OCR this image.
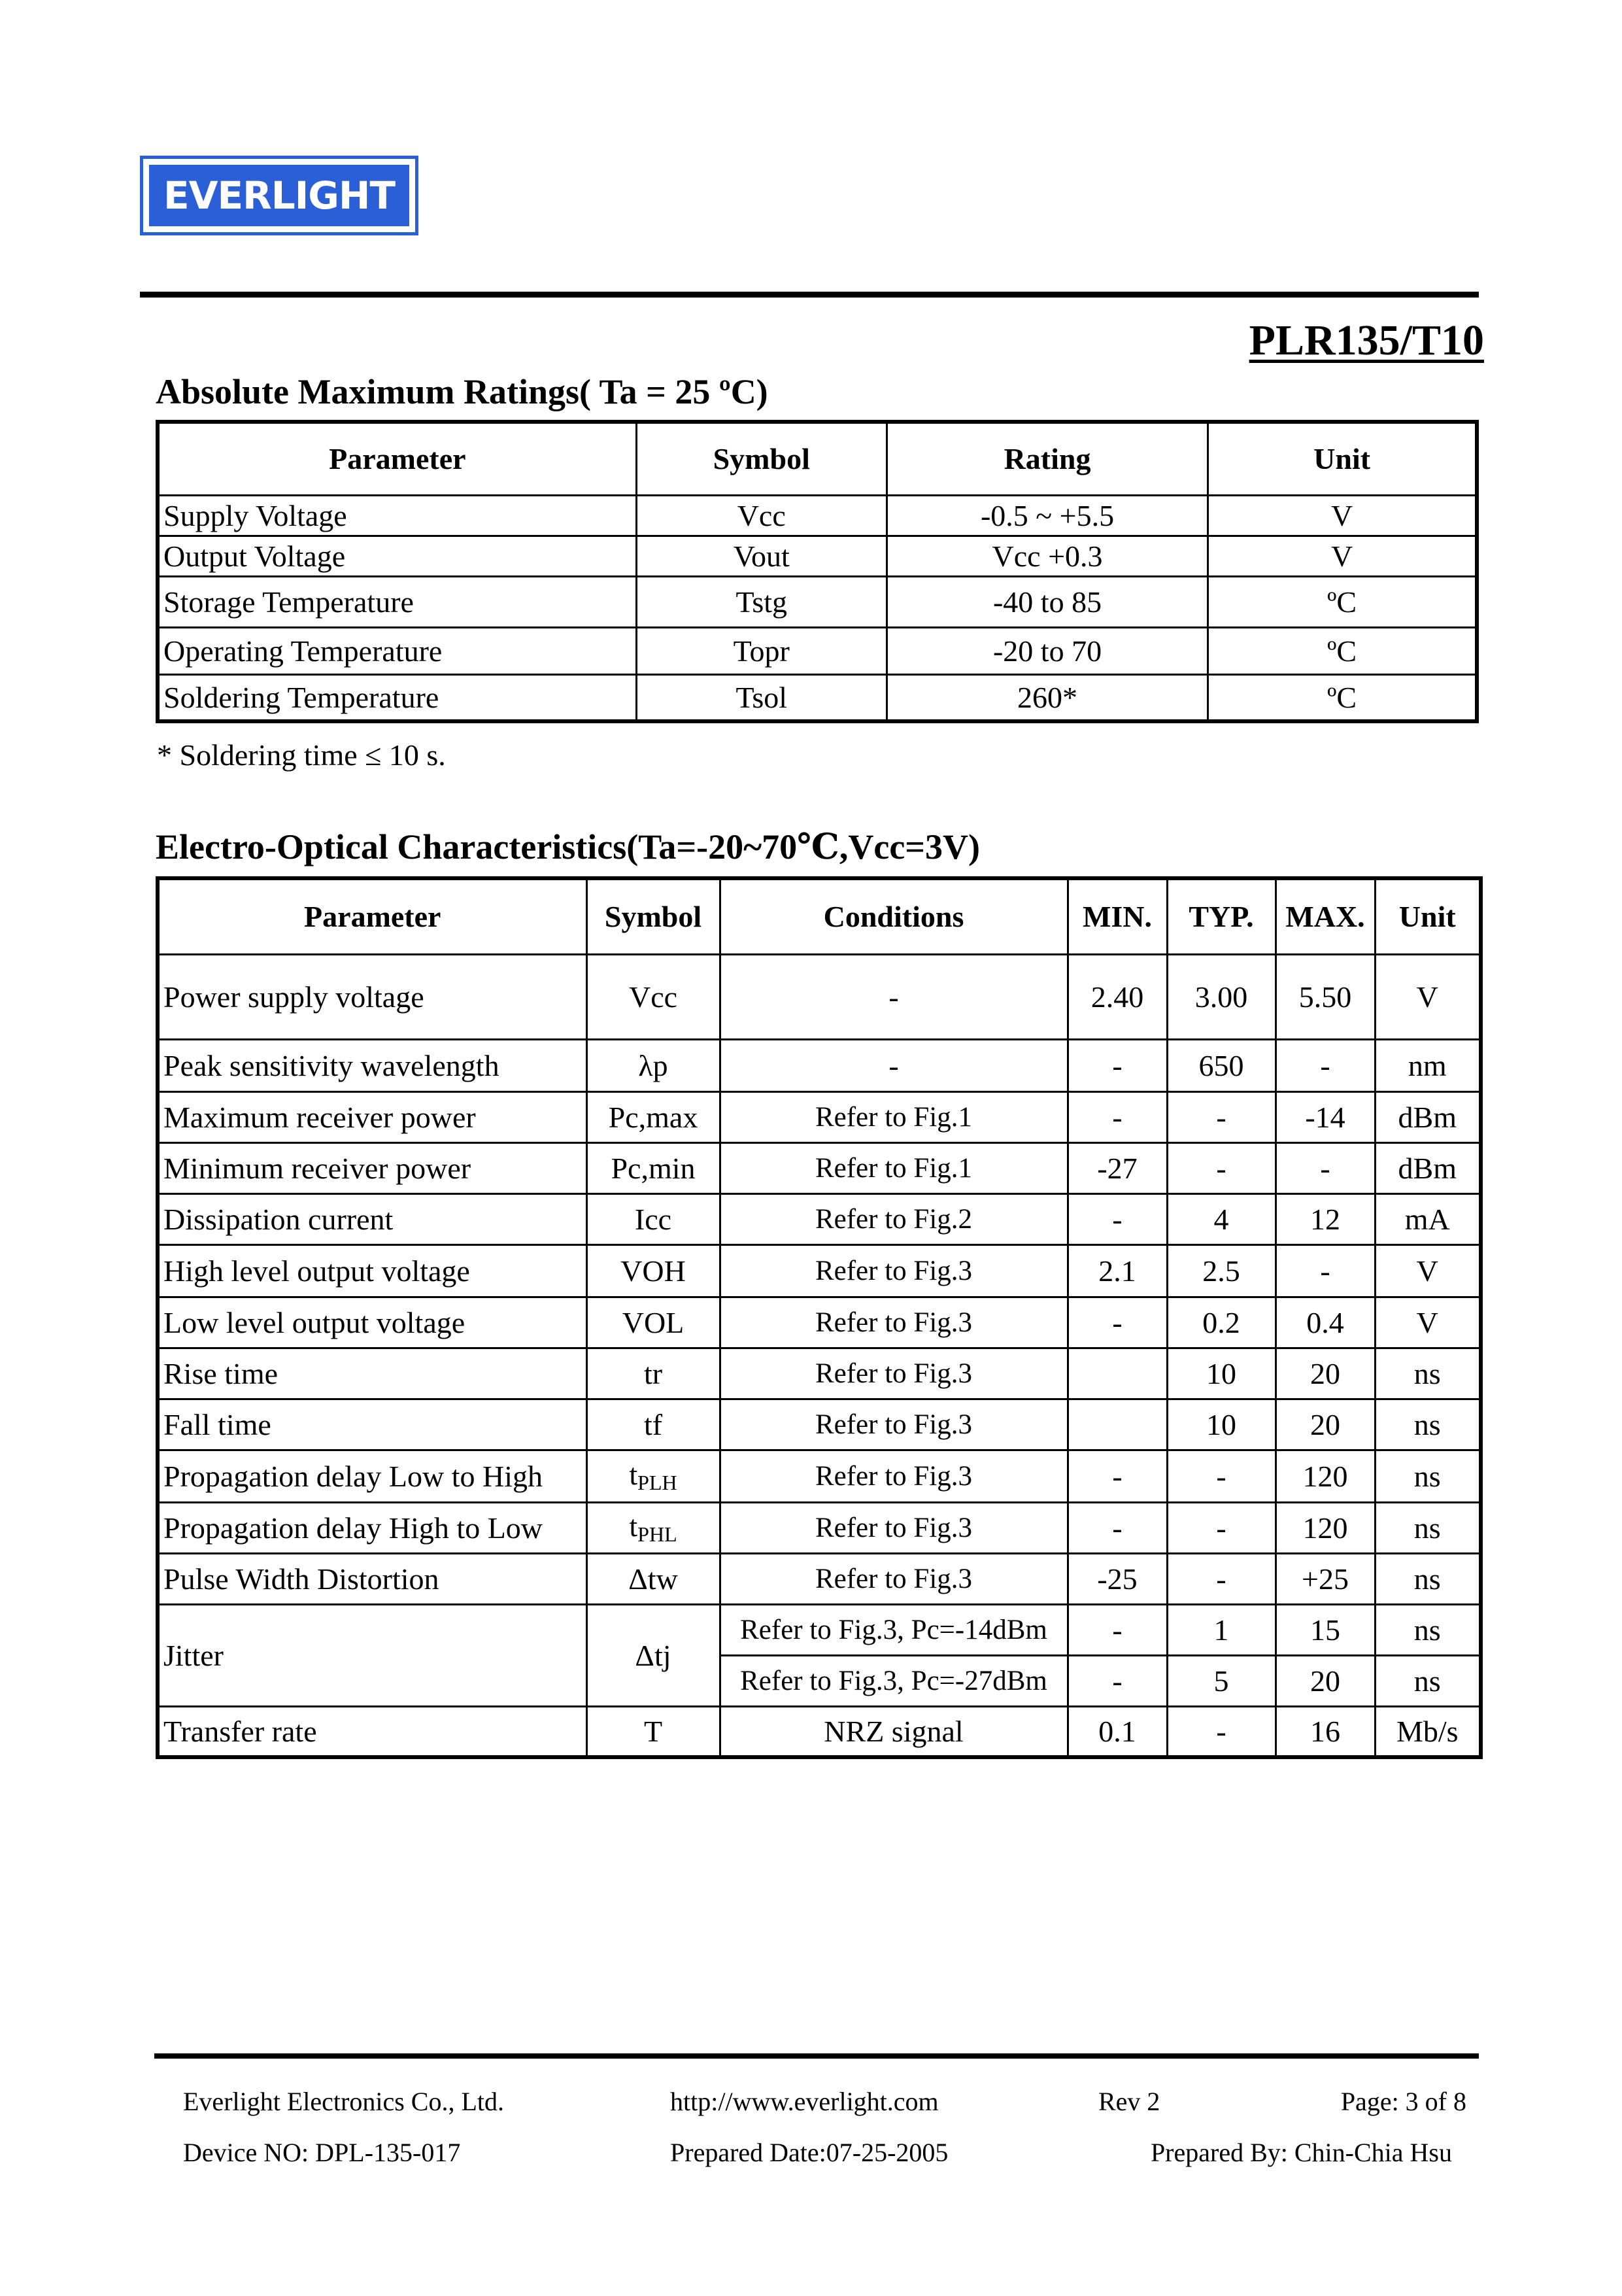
EVERLIGHT
PLR135/T10
Absolute Maximum Ratings( Ta = 25 ºC)
Parameter	Symbol	Rating	Unit
Supply Voltage	Vcc	-0.5 ~ +5.5	V
Output Voltage	Vout	Vcc +0.3	V
Storage Temperature	Tstg	-40 to 85	ºC
Operating Temperature	Topr	-20 to 70	ºC
Soldering Temperature	Tsol	260*	ºC
* Soldering time ≤ 10 s.
Electro-Optical Characteristics(Ta=-20~70℃,Vcc=3V)
Parameter	Symbol	Conditions	MIN.	TYP.	MAX.	Unit
Power supply voltage	Vcc	-	2.40	3.00	5.50	V
Peak sensitivity wavelength	λp	-	-	650	-	nm
Maximum receiver power	Pc,max	Refer to Fig.1	-	-	-14	dBm
Minimum receiver power	Pc,min	Refer to Fig.1	-27	-	-	dBm
Dissipation current	Icc	Refer to Fig.2	-	4	12	mA
High level output voltage	VOH	Refer to Fig.3	2.1	2.5	-	V
Low level output voltage	VOL	Refer to Fig.3	-	0.2	0.4	V
Rise time	tr	Refer to Fig.3		10	20	ns
Fall time	tf	Refer to Fig.3		10	20	ns
Propagation delay Low to High	$t_{PLH}$	Refer to Fig.3	-	-	120	ns
Propagation delay High to Low	$t_{PHL}$	Refer to Fig.3	-	-	120	ns
Pulse Width Distortion	Δtw	Refer to Fig.3	-25	-	+25	ns
Jitter	Δtj	Refer to Fig.3, Pc=-14dBm	-	1	15	ns
		Refer to Fig.3, Pc=-27dBm	-	5	20	ns
Transfer rate	T	NRZ signal	0.1	-	16	Mb/s
Everlight Electronics Co., Ltd.	http://www.everlight.com	Rev 2	Page: 3 of 8
Device NO: DPL-135-017	Prepared Date:07-25-2005	Prepared By: Chin-Chia Hsu
